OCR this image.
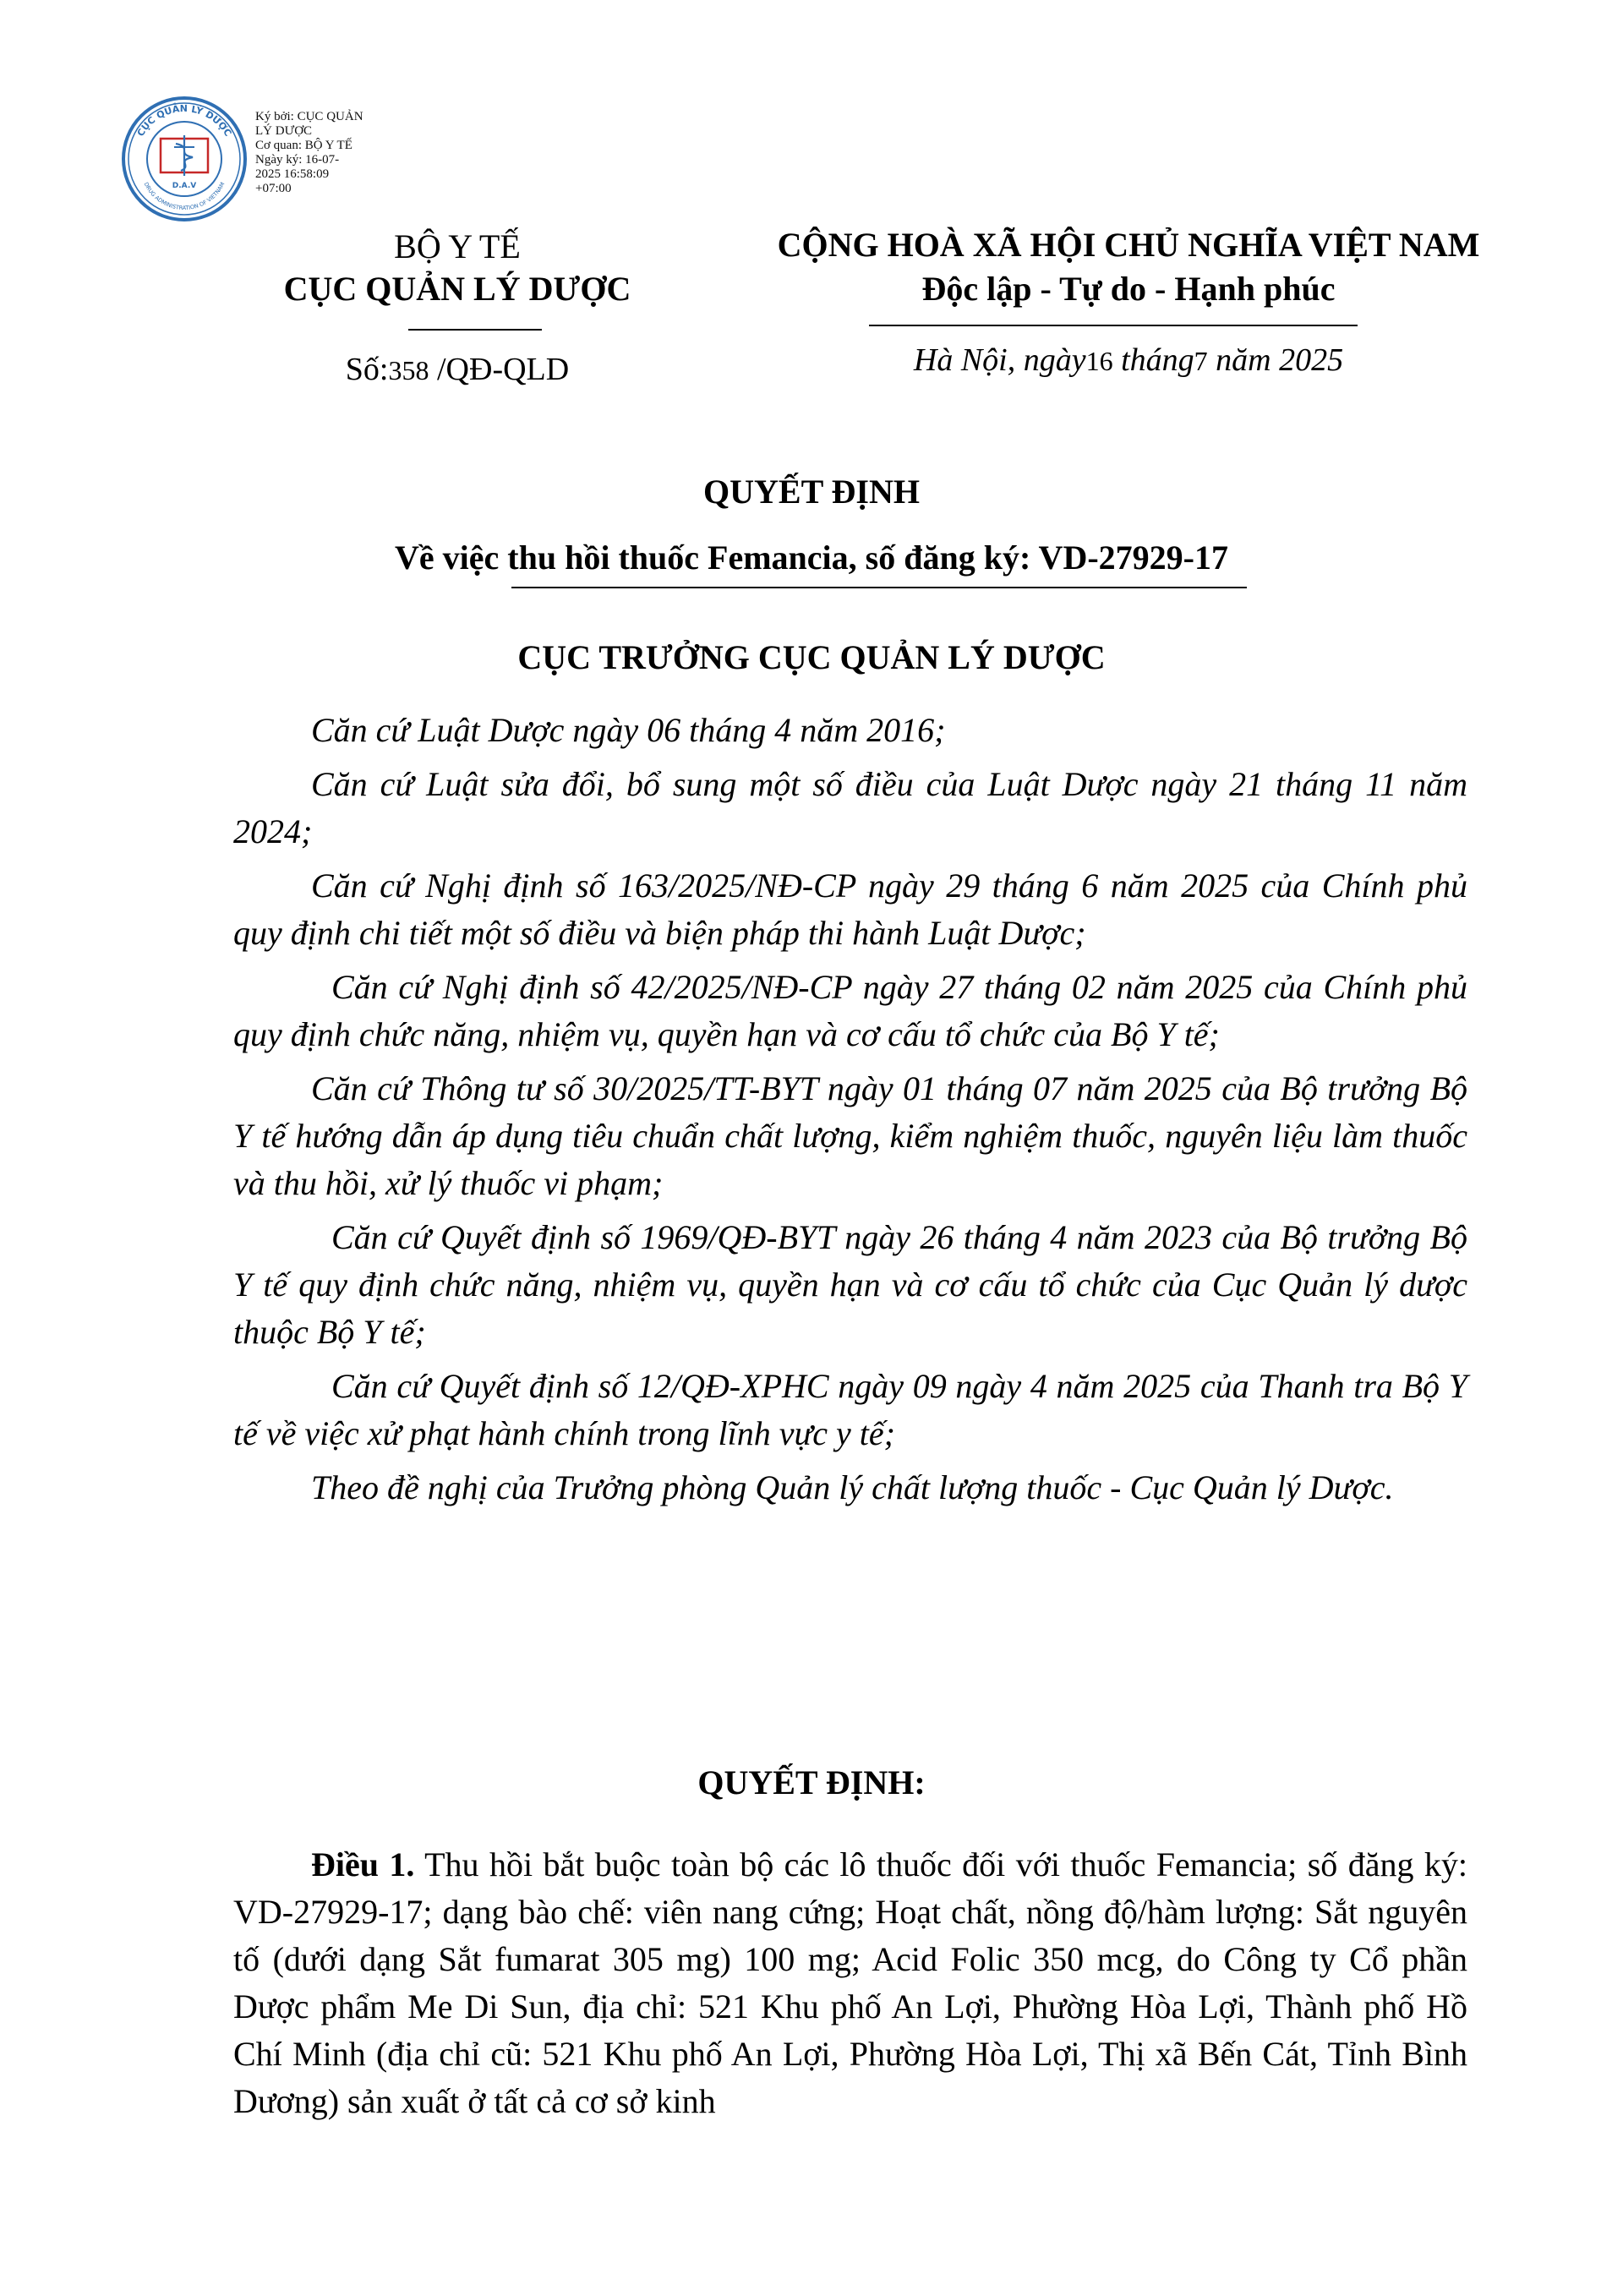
CỤC QUẢN LÝ DƯỢC
DRUG ADMINISTRATION OF VIETNAM
D.A.V
Ký bởi: CỤC QUẢN
LÝ DƯỢC
Cơ quan: BỘ Y TẾ
Ngày ký: 16-07-
2025 16:58:09
+07:00
BỘ Y TẾ
CỤC QUẢN LÝ DƯỢC
Số:358 /QĐ-QLD
CỘNG HOÀ XÃ HỘI CHỦ NGHĨA VIỆT NAM
Độc lập - Tự do - Hạnh phúc
Hà Nội, ngày16 tháng7 năm 2025
QUYẾT ĐỊNH
Về việc thu hồi thuốc Femancia, số đăng ký: VD-27929-17
CỤC TRƯỞNG CỤC QUẢN LÝ DƯỢC
Căn cứ Luật Dược ngày 06 tháng 4 năm 2016;
Căn cứ Luật sửa đổi, bổ sung một số điều của Luật Dược ngày 21 tháng 11 năm 2024;
Căn cứ Nghị định số 163/2025/NĐ-CP ngày 29 tháng 6 năm 2025 của Chính phủ quy định chi tiết một số điều và biện pháp thi hành Luật Dược;
Căn cứ Nghị định số 42/2025/NĐ-CP ngày 27 tháng 02 năm 2025 của Chính phủ quy định chức năng, nhiệm vụ, quyền hạn và cơ cấu tổ chức của Bộ Y tế;
Căn cứ Thông tư số 30/2025/TT-BYT ngày 01 tháng 07 năm 2025 của Bộ trưởng Bộ Y tế hướng dẫn áp dụng tiêu chuẩn chất lượng, kiểm nghiệm thuốc, nguyên liệu làm thuốc và thu hồi, xử lý thuốc vi phạm;
Căn cứ Quyết định số 1969/QĐ-BYT ngày 26 tháng 4 năm 2023 của Bộ trưởng Bộ Y tế quy định chức năng, nhiệm vụ, quyền hạn và cơ cấu tổ chức của Cục Quản lý dược thuộc Bộ Y tế;
Căn cứ Quyết định số 12/QĐ-XPHC ngày 09 ngày 4 năm 2025 của Thanh tra Bộ Y tế về việc xử phạt hành chính trong lĩnh vực y tế;
Theo đề nghị của Trưởng phòng Quản lý chất lượng thuốc - Cục Quản lý Dược.
QUYẾT ĐỊNH:
Điều 1. Thu hồi bắt buộc toàn bộ các lô thuốc đối với thuốc Femancia; số đăng ký: VD-27929-17; dạng bào chế: viên nang cứng; Hoạt chất, nồng độ/hàm lượng: Sắt nguyên tố (dưới dạng Sắt fumarat 305 mg) 100 mg; Acid Folic 350 mcg, do Công ty Cổ phần Dược phẩm Me Di Sun, địa chỉ: 521 Khu phố An Lợi, Phường Hòa Lợi, Thành phố Hồ Chí Minh (địa chỉ cũ: 521 Khu phố An Lợi, Phường Hòa Lợi, Thị xã Bến Cát, Tỉnh Bình Dương) sản xuất ở tất cả cơ sở kinh
